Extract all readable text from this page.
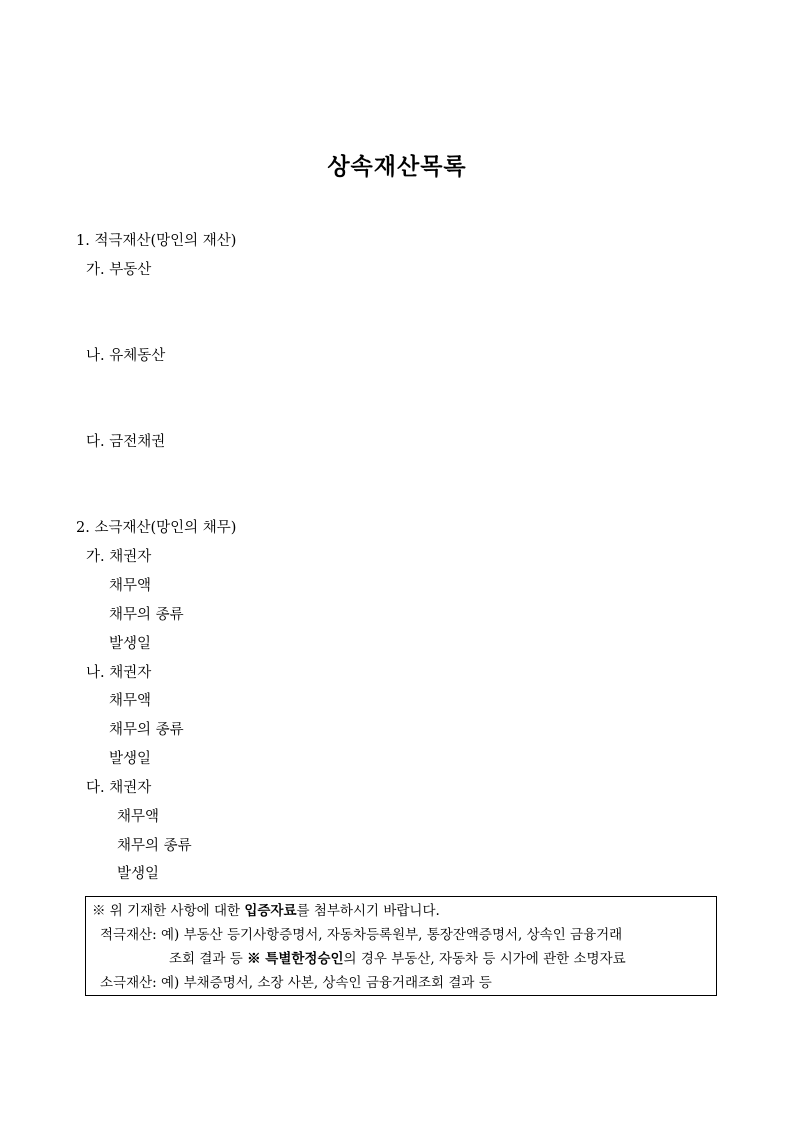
상속재산목록
1. 적극재산(망인의 재산)
가. 부동산
나. 유체동산
다. 금전채권
2. 소극재산(망인의 채무)
가. 채권자
채무액
채무의 종류
발생일
나. 채권자
채무액
채무의 종류
발생일
다. 채권자
채무액
채무의 종류
발생일
※ 위 기재한 사항에 대한 입증자료를 첨부하시기 바랍니다.
적극재산: 예) 부동산 등기사항증명서, 자동차등록원부, 통장잔액증명서, 상속인 금융거래
조회 결과 등 ※ 특별한정승인의 경우 부동산, 자동차 등 시가에 관한 소명자료
소극재산: 예) 부채증명서, 소장 사본, 상속인 금융거래조회 결과 등
